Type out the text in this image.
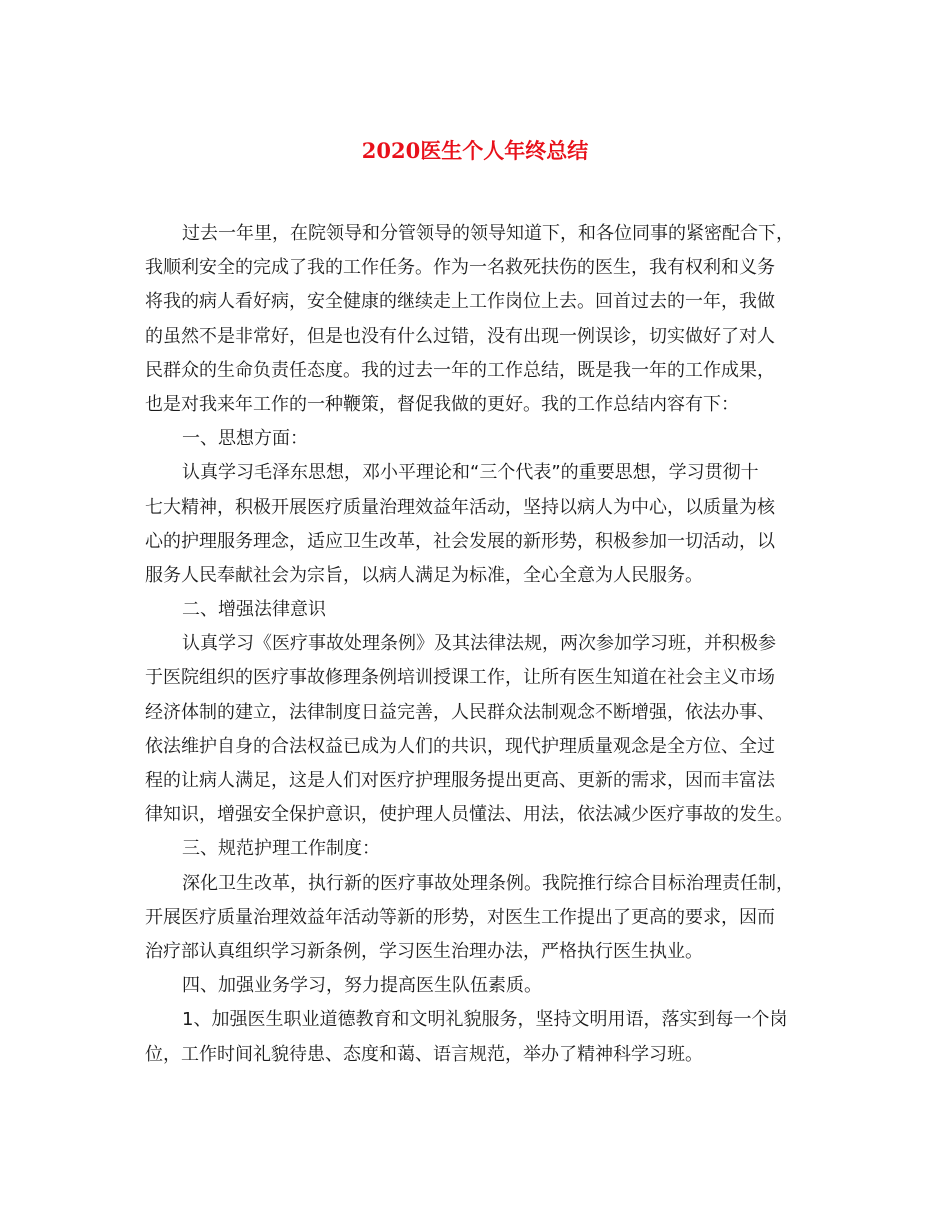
2020医生个人年终总结

过去一年里，在院领导和分管领导的领导知道下，和各位同事的紧密配合下，
我顺利安全的完成了我的工作任务。作为一名救死扶伤的医生，我有权利和义务
将我的病人看好病，安全健康的继续走上工作岗位上去。回首过去的一年，我做
的虽然不是非常好，但是也没有什么过错，没有出现一例误诊，切实做好了对人
民群众的生命负责任态度。我的过去一年的工作总结，既是我一年的工作成果，
也是对我来年工作的一种鞭策，督促我做的更好。我的工作总结内容有下：

一、思想方面：

认真学习毛泽东思想，邓小平理论和“三个代表”的重要思想，学习贯彻十
七大精神，积极开展医疗质量治理效益年活动，坚持以病人为中心，以质量为核
心的护理服务理念，适应卫生改革，社会发展的新形势，积极参加一切活动，以
服务人民奉献社会为宗旨，以病人满足为标准，全心全意为人民服务。

二、增强法律意识

认真学习《医疗事故处理条例》及其法律法规，两次参加学习班，并积极参
于医院组织的医疗事故修理条例培训授课工作，让所有医生知道在社会主义市场
经济体制的建立，法律制度日益完善，人民群众法制观念不断增强，依法办事、
依法维护自身的合法权益已成为人们的共识，现代护理质量观念是全方位、全过
程的让病人满足，这是人们对医疗护理服务提出更高、更新的需求，因而丰富法
律知识，增强安全保护意识，使护理人员懂法、用法，依法减少医疗事故的发生。

三、规范护理工作制度：

深化卫生改革，执行新的医疗事故处理条例。我院推行综合目标治理责任制，
开展医疗质量治理效益年活动等新的形势，对医生工作提出了更高的要求，因而
治疗部认真组织学习新条例，学习医生治理办法，严格执行医生执业。

四、加强业务学习，努力提高医生队伍素质。

1、加强医生职业道德教育和文明礼貌服务，坚持文明用语，落实到每一个岗
位，工作时间礼貌待患、态度和蔼、语言规范，举办了精神科学习班。
